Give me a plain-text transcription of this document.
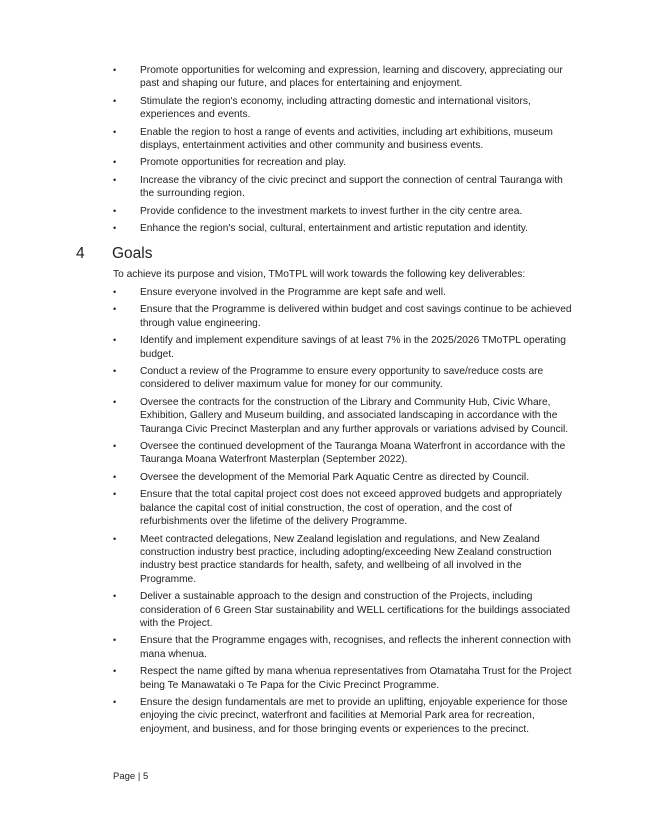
•	Promote opportunities for welcoming and expression, learning and discovery, appreciating our past and shaping our future, and places for entertaining and enjoyment.
•	Stimulate the region's economy, including attracting domestic and international visitors, experiences and events.
•	Enable the region to host a range of events and activities, including art exhibitions, museum displays, entertainment activities and other community and business events.
•	Promote opportunities for recreation and play.
•	Increase the vibrancy of the civic precinct and support the connection of central Tauranga with the surrounding region.
•	Provide confidence to the investment markets to invest further in the city centre area.
•	Enhance the region's social, cultural, entertainment and artistic reputation and identity.
4 Goals
To achieve its purpose and vision, TMoTPL will work towards the following key deliverables:
•	Ensure everyone involved in the Programme are kept safe and well.
•	Ensure that the Programme is delivered within budget and cost savings continue to be achieved through value engineering.
•	Identify and implement expenditure savings of at least 7% in the 2025/2026 TMoTPL operating budget.
•	Conduct a review of the Programme to ensure every opportunity to save/reduce costs are considered to deliver maximum value for money for our community.
•	Oversee the contracts for the construction of the Library and Community Hub, Civic Whare, Exhibition, Gallery and Museum building, and associated landscaping in accordance with the Tauranga Civic Precinct Masterplan and any further approvals or variations advised by Council.
•	Oversee the continued development of the Tauranga Moana Waterfront in accordance with the Tauranga Moana Waterfront Masterplan (September 2022).
•	Oversee the development of the Memorial Park Aquatic Centre as directed by Council.
•	Ensure that the total capital project cost does not exceed approved budgets and appropriately balance the capital cost of initial construction, the cost of operation, and the cost of refurbishments over the lifetime of the delivery Programme.
•	Meet contracted delegations, New Zealand legislation and regulations, and New Zealand construction industry best practice, including adopting/exceeding New Zealand construction industry best practice standards for health, safety, and wellbeing of all involved in the Programme.
•	Deliver a sustainable approach to the design and construction of the Projects, including consideration of 6 Green Star sustainability and WELL certifications for the buildings associated with the Project.
•	Ensure that the Programme engages with, recognises, and reflects the inherent connection with mana whenua.
•	Respect the name gifted by mana whenua representatives from Otamataha Trust for the Project being Te Manawataki o Te Papa for the Civic Precinct Programme.
•	Ensure the design fundamentals are met to provide an uplifting, enjoyable experience for those enjoying the civic precinct, waterfront and facilities at Memorial Park area for recreation, enjoyment, and business, and for those bringing events or experiences to the precinct.
Page | 5
